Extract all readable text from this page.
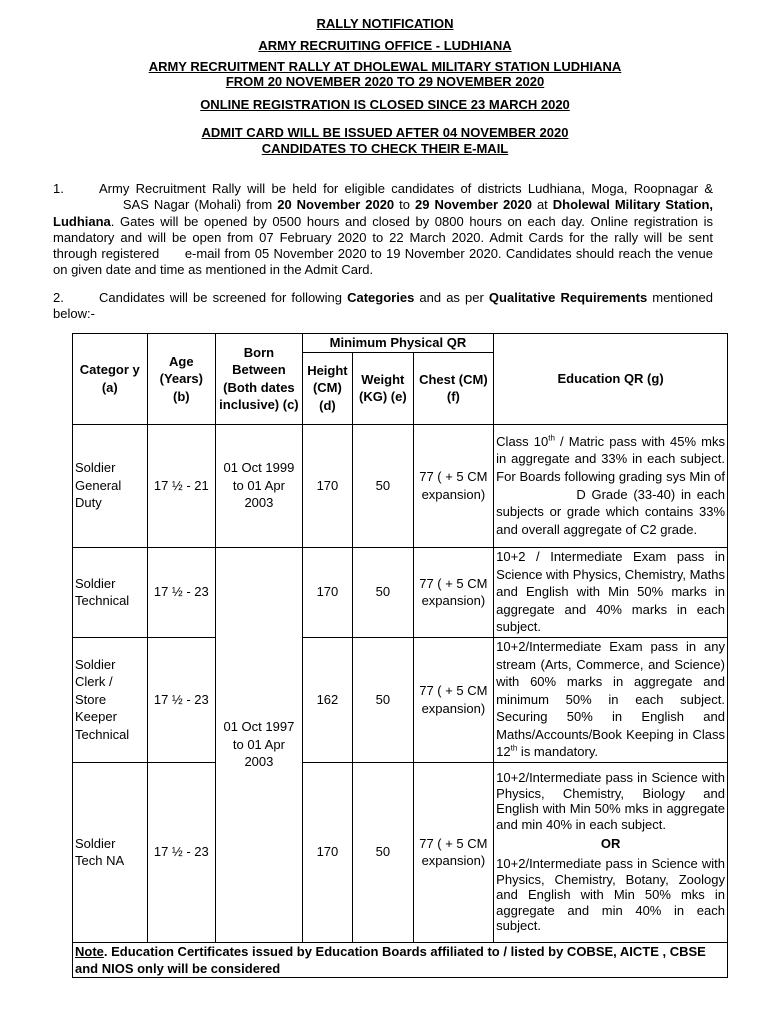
RALLY NOTIFICATION
ARMY RECRUITING OFFICE - LUDHIANA
ARMY RECRUITMENT RALLY AT DHOLEWAL MILITARY STATION LUDHIANA
FROM 20 NOVEMBER 2020 TO 29 NOVEMBER 2020
ONLINE REGISTRATION IS CLOSED SINCE 23 MARCH 2020
ADMIT CARD WILL BE ISSUED AFTER 04 NOVEMBER 2020
CANDIDATES TO CHECK THEIR E-MAIL
1.	Army Recruitment Rally will be held for eligible candidates of districts Ludhiana, Moga, Roopnagar &               SAS Nagar (Mohali) from 20 November 2020 to 29 November 2020 at Dholewal Military Station, Ludhiana. Gates will be opened by 0500 hours and closed by 0800 hours on each day. Online registration is mandatory and will be open from 07 February 2020 to 22 March 2020. Admit Cards for the rally will be sent through registered      e-mail from 05 November 2020 to 19 November 2020. Candidates should reach the venue on given date and time as mentioned in the Admit Card.
2.	Candidates will be screened for following Categories and as per Qualitative Requirements mentioned below:-
Categor y (a)	Age (Years) (b)	Born Between (Both dates inclusive) (c)	Minimum Physical QR			Education QR (g)
			Height (CM) (d)	Weight (KG) (e)	Chest (CM) (f)	
Soldier General Duty	17 ½ - 21	01 Oct 1999 to 01 Apr 2003	170	50	77 ( + 5 CM expansion)	Class 10th / Matric pass with 45% mks in aggregate and 33% in each subject. For Boards following grading sys Min of               D Grade (33-40) in each subjects or grade which contains 33% and overall aggregate of C2 grade.
Soldier Technical	17 ½ - 23	01 Oct 1997 to 01 Apr 2003	170	50	77 ( + 5 CM expansion)	10+2 / Intermediate Exam pass in Science with Physics, Chemistry, Maths and English with Min 50% marks in aggregate and 40% marks in each subject.
Soldier Clerk / Store Keeper Technical	17 ½ - 23		162	50	77 ( + 5 CM expansion)	10+2/Intermediate Exam pass in any stream (Arts, Commerce, and Science) with 60% marks in aggregate and minimum 50% in each subject. Securing 50% in English and Maths/Accounts/Book Keeping in Class 12th is mandatory.
Soldier Tech NA	17 ½ - 23		170	50	77 ( + 5 CM expansion)	10+2/Intermediate pass in Science with Physics, Chemistry, Biology and English with Min 50% mks in aggregate and min 40% in each subject.
OR
10+2/Intermediate pass in Science with Physics, Chemistry, Botany, Zoology and English with Min 50% mks in aggregate and min 40% in each subject.

Note. Education Certificates issued by Education Boards affiliated to / listed by COBSE, AICTE , CBSE and NIOS only will be considered						
